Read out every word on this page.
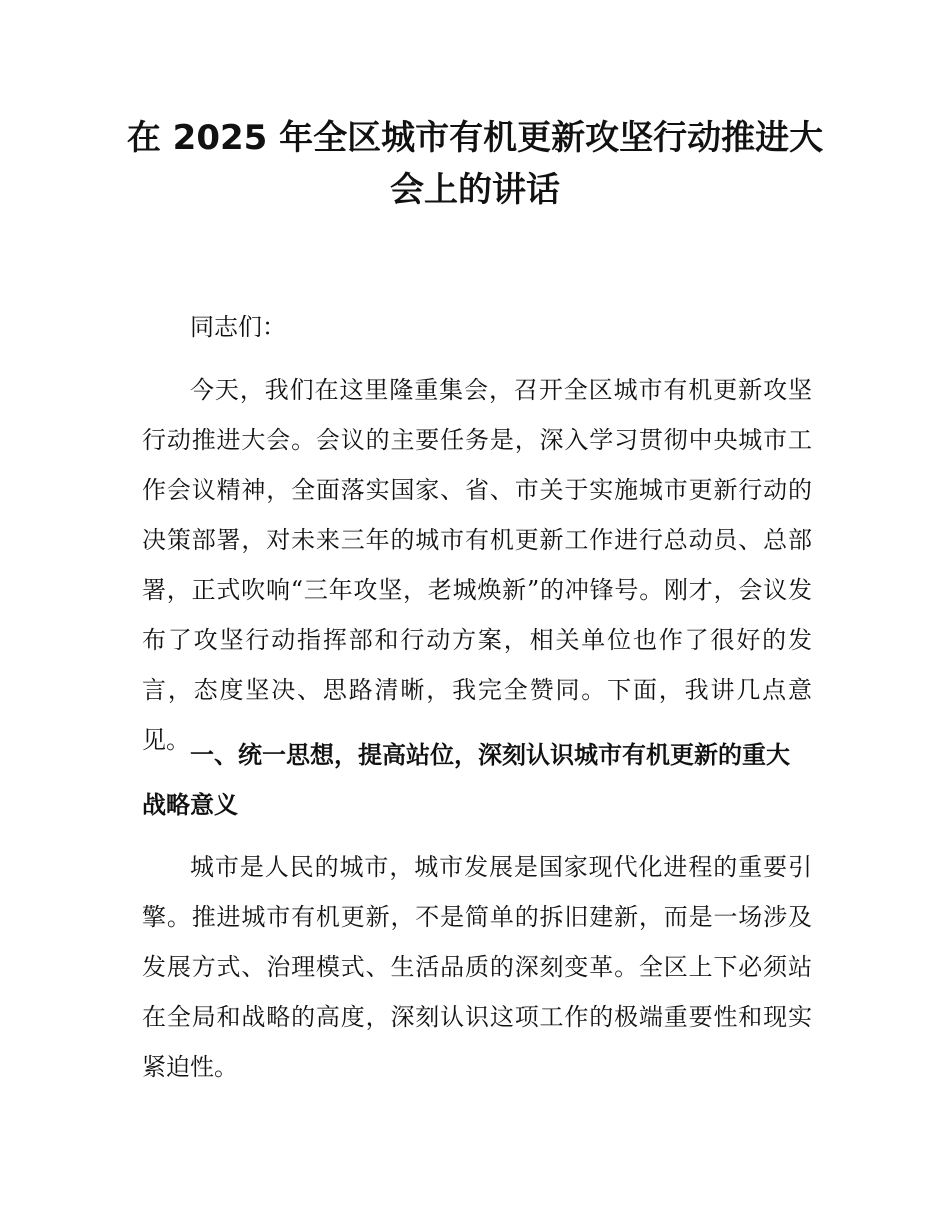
在 2025 年全区城市有机更新攻坚行动推进大
会上的讲话

同志们：

今天，我们在这里隆重集会，召开全区城市有机更新攻坚行动推进大会。会议的主要任务是，深入学习贯彻中央城市工作会议精神，全面落实国家、省、市关于实施城市更新行动的决策部署，对未来三年的城市有机更新工作进行总动员、总部署，正式吹响“三年攻坚，老城焕新”的冲锋号。刚才，会议发布了攻坚行动指挥部和行动方案，相关单位也作了很好的发言，态度坚决、思路清晰，我完全赞同。下面，我讲几点意见。

一、统一思想，提高站位，深刻认识城市有机更新的重大战略意义

城市是人民的城市，城市发展是国家现代化进程的重要引擎。推进城市有机更新，不是简单的拆旧建新，而是一场涉及发展方式、治理模式、生活品质的深刻变革。全区上下必须站在全局和战略的高度，深刻认识这项工作的极端重要性和现实紧迫性。
